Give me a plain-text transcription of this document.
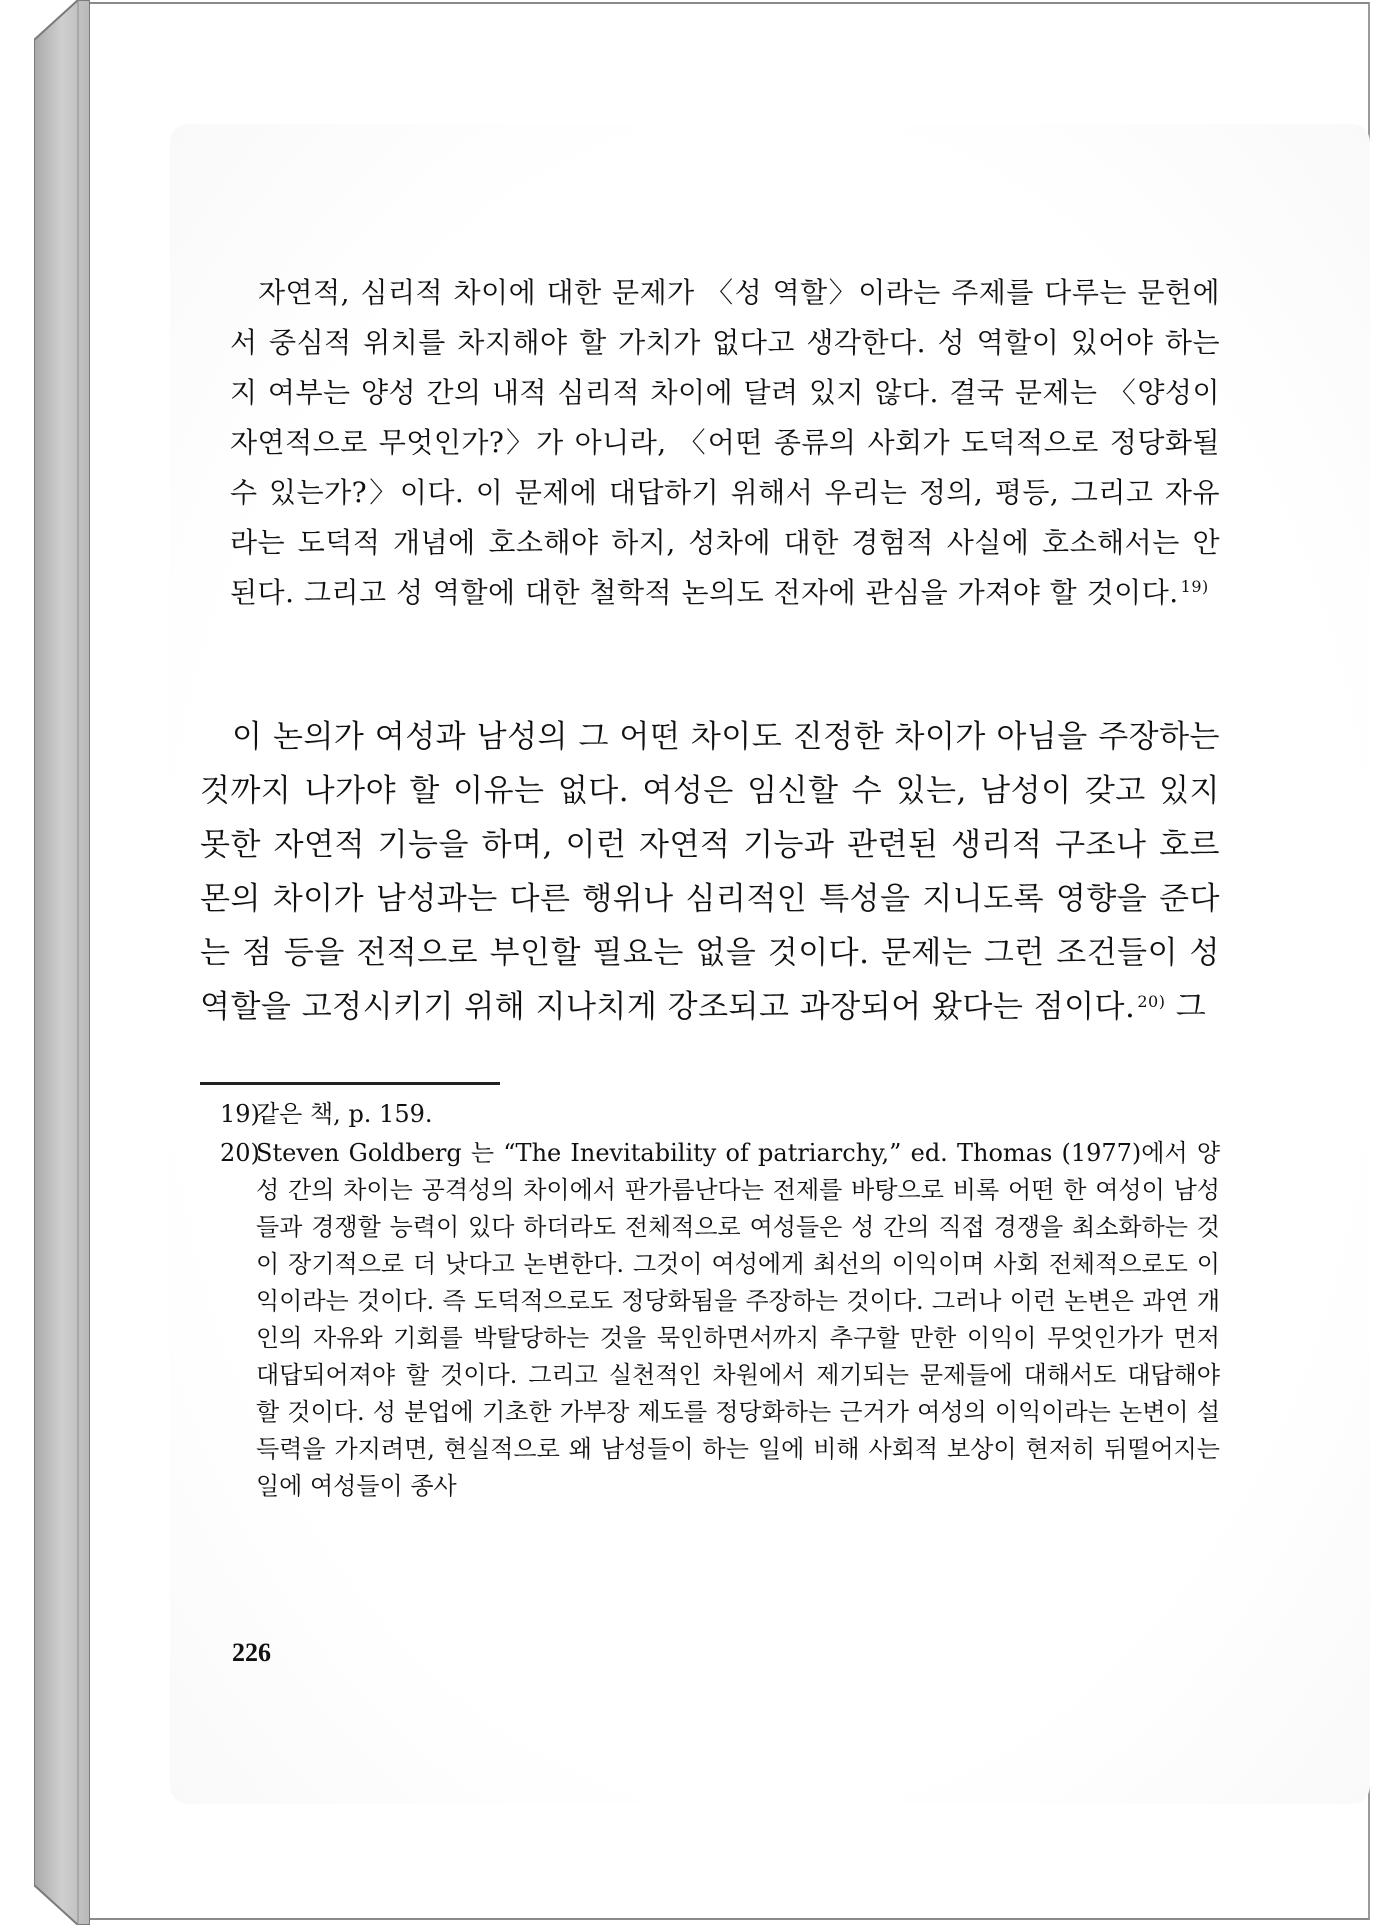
자연적, 심리적 차이에 대한 문제가 〈성 역할〉이라는 주제를 다루는 문헌에서 중심적 위치를 차지해야 할 가치가 없다고 생각한다. 성 역할이 있어야 하는지 여부는 양성 간의 내적 심리적 차이에 달려 있지 않다. 결국 문제는 〈양성이 자연적으로 무엇인가?〉가 아니라, 〈어떤 종류의 사회가 도덕적으로 정당화될 수 있는가?〉이다. 이 문제에 대답하기 위해서 우리는 정의, 평등, 그리고 자유라는 도덕적 개념에 호소해야 하지, 성차에 대한 경험적 사실에 호소해서는 안 된다. 그리고 성 역할에 대한 철학적 논의도 전자에 관심을 가져야 할 것이다. $^{19)}$

이 논의가 여성과 남성의 그 어떤 차이도 진정한 차이가 아님을 주장하는 것까지 나가야 할 이유는 없다. 여성은 임신할 수 있는, 남성이 갖고 있지 못한 자연적 기능을 하며, 이런 자연적 기능과 관련된 생리적 구조나 호르몬의 차이가 남성과는 다른 행위나 심리적인 특성을 지니도록 영향을 준다는 점 등을 전적으로 부인할 필요는 없을 것이다. 문제는 그런 조건들이 성 역할을 고정시키기 위해 지나치게 강조되고 과장되어 왔다는 점이다. $^{20)}$ 그

19)
같은 책, p. 159.
20)
Steven Goldberg 는 “The Inevitability of patriarchy,” ed. Thomas (1977)에서 양성 간의 차이는 공격성의 차이에서 판가름난다는 전제를 바탕으로 비록 어떤 한 여성이 남성들과 경쟁할 능력이 있다 하더라도 전체적으로 여성들은 성 간의 직접 경쟁을 최소화하는 것이 장기적으로 더 낫다고 논변한다. 그것이 여성에게 최선의 이익이며 사회 전체적으로도 이익이라는 것이다. 즉 도덕적으로도 정당화됨을 주장하는 것이다. 그러나 이런 논변은 과연 개인의 자유와 기회를 박탈당하는 것을 묵인하면서까지 추구할 만한 이익이 무엇인가가 먼저 대답되어져야 할 것이다. 그리고 실천적인 차원에서 제기되는 문제들에 대해서도 대답해야 할 것이다. 성 분업에 기초한 가부장 제도를 정당화하는 근거가 여성의 이익이라는 논변이 설득력을 가지려면, 현실적으로 왜 남성들이 하는 일에 비해 사회적 보상이 현저히 뒤떨어지는 일에 여성들이 종사
226
